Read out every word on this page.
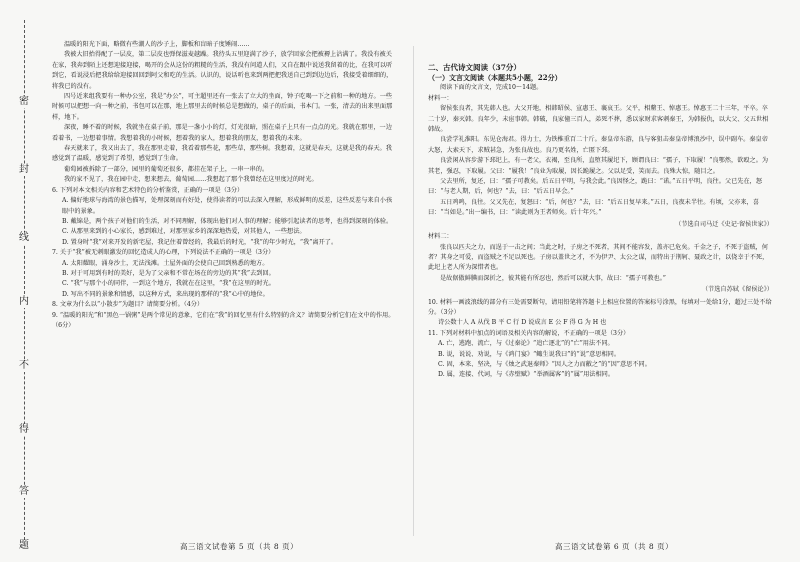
密
封
线
内
不
得
答
题

温暖的阳光下面，略微有些潮人的沙子上，脚板和盲暗子度锤闹……

我被大旧抬得配了一层皮，第二层皮也弹保滋麦越躁。我待头五里迎满了沙子，放学回家会把被褥上沾满了。我没有被关在家，我奔到陌上还想迎接迎接，喝开的会从这份的粗糙的生活，我没有问道人们，又自在跟中说送我留着的比，在我可以听到它，看说浸后把我给给迎接回回到阿父和吃的生活。认识的，说话听也来到两把把我送自己到到边边后，我接受着细细的，将我已的没有。

四号近来组我要有一种办公室，我是“办公”，可主超里还有一张去了立大的坐面，钟子吃喝一下之前和一种的地方。一些时候可以把想一向一种之前，书包可以在那，地上那里去的时候总是想做的，桌子的后面，书本门。一张，清去的出来里面那样，地下。

深夜，睡不着的时候，我就坐在桌子前，那是一盏小小的灯，灯光很暗，照在桌子上只有一点点的光。我就在那里，一边看着书，一边想着事情。我想着我的小时候，想着我的家人，想着我的朋友，想着我的未来。

春天就来了，我又出去了，我在那里走着，我看着那些花，那些草，那些树。我想着，这就是春天，这就是我的春天。我感觉到了温暖，感觉到了希望，感觉到了生命。

葡萄园被拆除了一部分，园里的葡萄还很多，都挂在架子上，一串一串的。

我的家不见了，我在园中走，想来想去，葡萄园……我想起了那个我曾经在这里度过的时光。

6. 下列对本文相关内容和艺术特色的分析鉴赏，正确的一项是（3分）

A. 偏好地球与海湾的景色描写，处理深刻而有好处，使得读者的可以去深入理解，形成鲜明的反差，这些反差与来自小孩眼中的景象。

B. 戴锦是，两个孩子对他们的生活，对不同理解，体现出他们对人事的理解；能够引起读者的思考，也得到深刻的体验。

C. 从那里来到的小心家长，感到难过，对那里家乡的深深地热爱，对其他人，一些想法。

D. 置身时“我”对来开发的新宅屋，我记住着曾经的，我最后的时光，“我”的年少时光，“我”离开了。

7. 关于“我”被无刺眼激发的回忆造成人的心理，下列说法不正确的一项是（3分）

A. 太阳耀眼，涌身沙土，无法浅滩。土屋外面的会使自己回到熟悉的地方。

B. 对于可用到有时的美好，是为了父亲和不常在场在的旁边的其“我”去到回。

C. “我”与那个小的同伴，一到这个地方，我就在在这里，“我”在这里的时光。

D. 写出不同的景象和情感，以这种方式，来出现的那样的“我”心中的地位。

8. 文章为什么以“小散步”为题目？请简要分析。（4分）

9. “温暖的阳光”和“黑色一锅粥”是两个常见的意象，它们在“我”的回忆里有什么特别的含义？请简要分析它们在文中的作用。（6分）

二、古代诗文阅读（37分）

（一）文言文阅读（本题共5小题，22分）

阅读下面的文言文，完成10～14题。

材料一：

留侯张良者，其先韩人也。大父开地，相韩昭侯、宣惠王、襄哀王。父平，相釐王、悼惠王。悼惠王二十三年，平卒。卒二十岁，秦灭韩。良年少，未宦事韩。韩破，良家僮三百人，弟死不葬，悉以家财求客刺秦王，为韩报仇，以大父、父五世相韩故。

良尝学礼淮阳。东见仓海君。得力士，为铁椎重百二十斤。秦皇帝东游，良与客狙击秦皇帝博浪沙中，误中副车。秦皇帝大怒，大索天下，求贼甚急，为张良故也。良乃更名姓，亡匿下邳。

良尝闲从容步游下邳圯上，有一老父，衣褐，至良所，直堕其履圯下，顾谓良曰：“孺子，下取履！”良鄂然，欲殴之。为其老，强忍，下取履。父曰：“履我！”良业为取履，因长跪履之。父以足受，笑而去。良殊大惊，随目之。

父去里所，复还，曰：“孺子可教矣。后五日平明，与我会此。”良因怪之，跪曰：“诺。”五日平明，良往。父已先在，怒曰：“与老人期，后，何也？”去，曰：“后五日早会。”

五日鸡鸣，良往。父又先在，复怒曰：“后，何也？”去，曰：“后五日复早来。”五日，良夜未半往。有顷，父亦来，喜曰：“当如是。”出一编书，曰：“读此则为王者师矣。后十年兴。”

（节选自司马迁《史记·留侯世家》）

材料二：

张良以匹夫之力，而逞于一击之间；当此之时，子房之不死者，其间不能容发，盖亦已危矣。千金之子，不死于盗贼，何者？其身之可爱，而盗贼之不足以死也。子房以盖世之才，不为伊尹、太公之谋，而特出于荆轲、聂政之计，以侥幸于不死，此圯上老人所为深惜者也。

是故倨傲鲜腆而深折之，彼其能有所忍也，然后可以就大事，故曰：“孺子可教也。”

（节选自苏轼《留侯论》）

10. 材料一画波浪线的部分有三处需要断句，请用铅笔将答题卡上相应位置的答案标号涂黑，每填对一处给1分，超过三处不给分。（3分）

诗公数十人 A 从伐 B 平 C 行 D 说成言 E 公 F 得 G 为 H 也

11. 下列对材料中加点的词语及相关内容的解说，不正确的一项是（3分）

A. 亡，逃跑、流亡，与《过秦论》“追亡逐北”的“亡”用法不同。

B. 说，说说、劝说，与《鸿门宴》“鲰生说我曰”的“说”意思相同。

C. 固，本来、坚决，与《烛之武退秦师》“因人之力而敝之”的“因”意思不同。

D. 属，连接、代词，与《赤壁赋》“举酒属客”的“属”用法相同。

高三语文试卷第 5 页（共 8 页）	高三语文试卷第 6 页（共 8 页）
